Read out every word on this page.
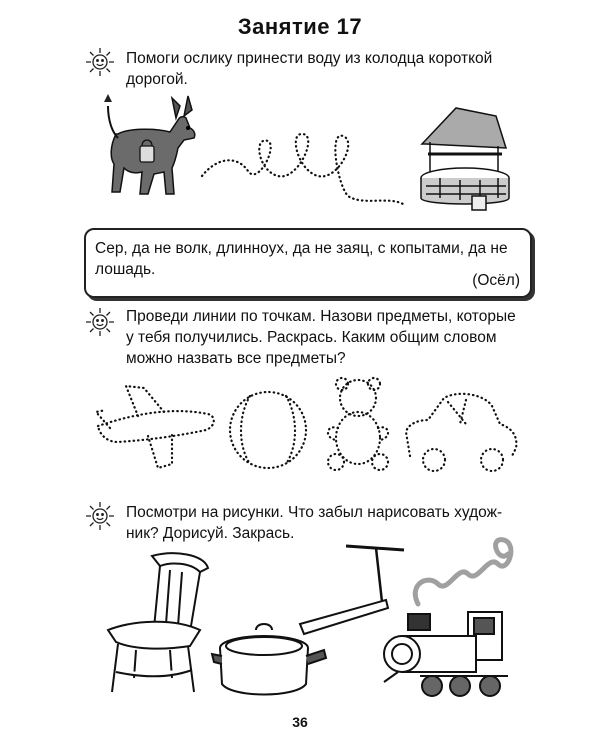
Занятие 17
Помоги ослику принести воду из колодца короткой
дорогой.
Сер, да не волк, длинноух, да не заяц, с копытами, да не
лошадь.
(Осёл)
Проведи линии по точкам. Назови предметы, которые
у тебя получились. Раскрась. Каким общим словом
можно назвать все предметы?
Посмотри на рисунки. Что забыл нарисовать худож-
ник? Дорисуй. Закрась.
36
